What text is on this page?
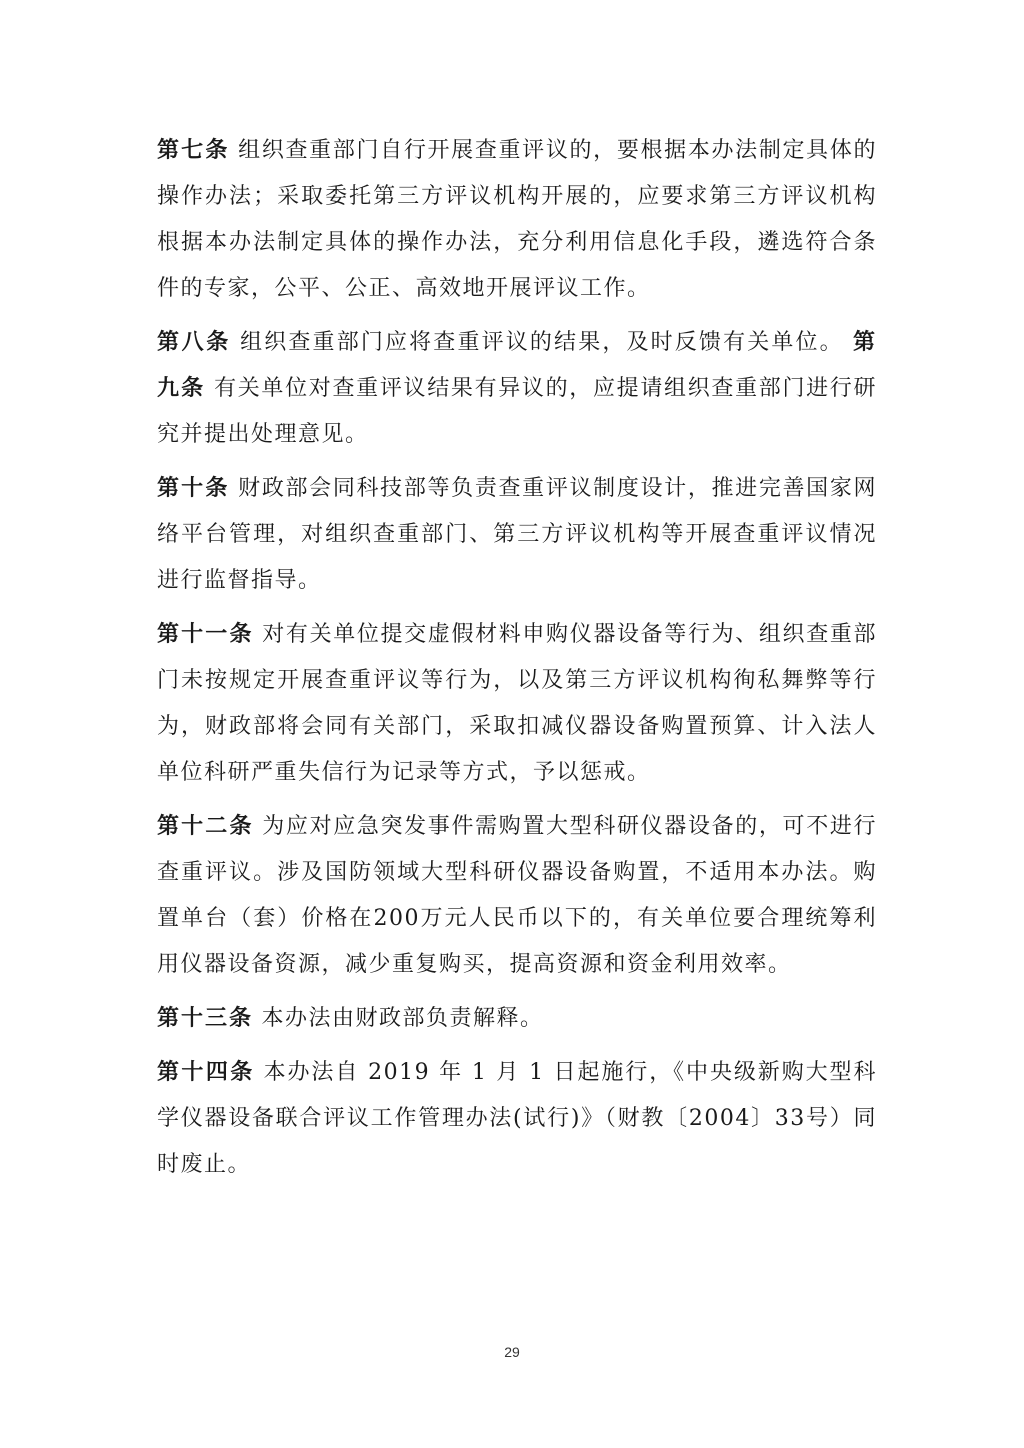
第七条 组织查重部门自行开展查重评议的，要根据本办法制定具体的操作办法；采取委托第三方评议机构开展的，应要求第三方评议机构根据本办法制定具体的操作办法，充分利用信息化手段，遴选符合条件的专家，公平、公正、高效地开展评议工作。

第八条 组织查重部门应将查重评议的结果，及时反馈有关单位。 第九条 有关单位对查重评议结果有异议的，应提请组织查重部门进行研究并提出处理意见。

第十条 财政部会同科技部等负责查重评议制度设计，推进完善国家网络平台管理，对组织查重部门、第三方评议机构等开展查重评议情况进行监督指导。

第十一条 对有关单位提交虚假材料申购仪器设备等行为、组织查重部门未按规定开展查重评议等行为，以及第三方评议机构徇私舞弊等行为，财政部将会同有关部门，采取扣减仪器设备购置预算、计入法人单位科研严重失信行为记录等方式，予以惩戒。

第十二条 为应对应急突发事件需购置大型科研仪器设备的，可不进行查重评议。涉及国防领域大型科研仪器设备购置，不适用本办法。购置单台（套）价格在200万元人民币以下的，有关单位要合理统筹利用仪器设备资源，减少重复购买，提高资源和资金利用效率。

第十三条 本办法由财政部负责解释。

第十四条 本办法自 2019 年 1 月 1 日起施行，《中央级新购大型科学仪器设备联合评议工作管理办法(试行)》（财教〔2004〕33号）同时废止。

29
